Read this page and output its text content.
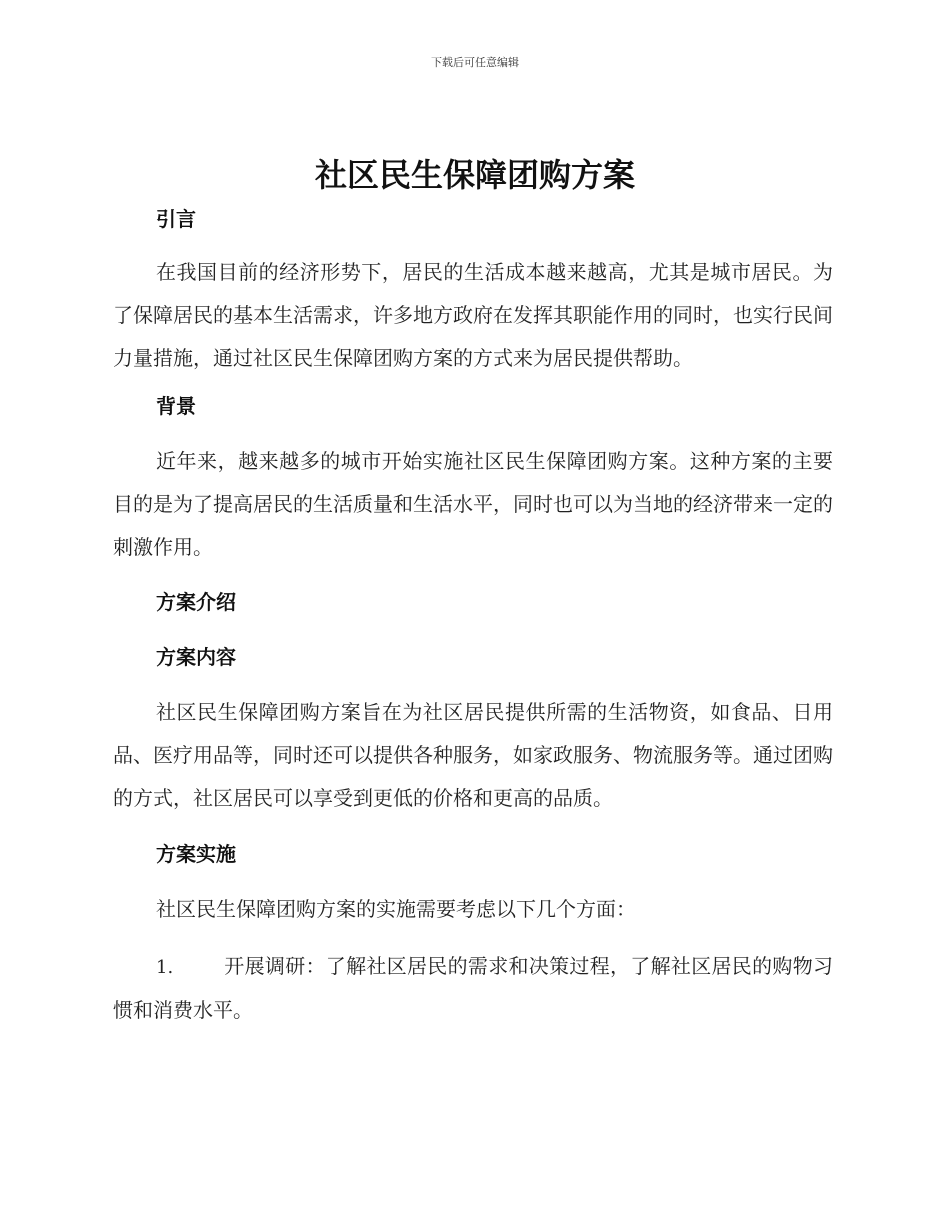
下载后可任意编辑
社区民生保障团购方案
引言
在我国目前的经济形势下，居民的生活成本越来越高，尤其是城市居民。为了保障居民的基本生活需求，许多地方政府在发挥其职能作用的同时，也实行民间力量措施，通过社区民生保障团购方案的方式来为居民提供帮助。
背景
近年来，越来越多的城市开始实施社区民生保障团购方案。这种方案的主要目的是为了提高居民的生活质量和生活水平，同时也可以为当地的经济带来一定的刺激作用。
方案介绍
方案内容
社区民生保障团购方案旨在为社区居民提供所需的生活物资，如食品、日用品、医疗用品等，同时还可以提供各种服务，如家政服务、物流服务等。通过团购的方式，社区居民可以享受到更低的价格和更高的品质。
方案实施
社区民生保障团购方案的实施需要考虑以下几个方面：
1.	开展调研：了解社区居民的需求和决策过程，了解社区居民的购物习惯和消费水平。
